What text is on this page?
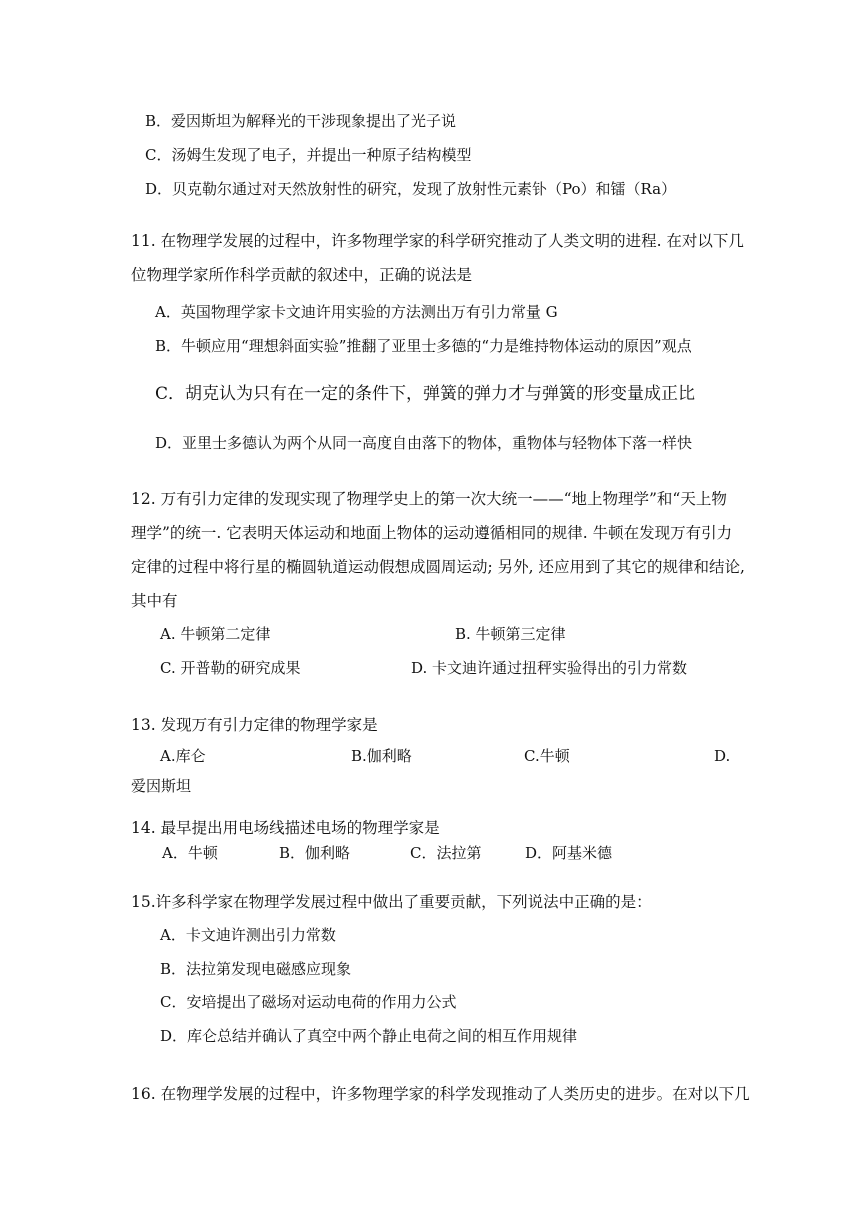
B．爱因斯坦为解释光的干涉现象提出了光子说
C．汤姆生发现了电子，并提出一种原子结构模型
D．贝克勒尔通过对天然放射性的研究，发现了放射性元素钋（Po）和镭（Ra）
11. 在物理学发展的过程中，许多物理学家的科学研究推动了人类文明的进程. 在对以下几
位物理学家所作科学贡献的叙述中，正确的说法是
A．英国物理学家卡文迪许用实验的方法测出万有引力常量 G
B．牛顿应用“理想斜面实验”推翻了亚里士多德的“力是维持物体运动的原因”观点
C．胡克认为只有在一定的条件下，弹簧的弹力才与弹簧的形变量成正比
D．亚里士多德认为两个从同一高度自由落下的物体，重物体与轻物体下落一样快
12. 万有引力定律的发现实现了物理学史上的第一次大统一——“地上物理学”和“天上物
理学”的统一. 它表明天体运动和地面上物体的运动遵循相同的规律. 牛顿在发现万有引力
定律的过程中将行星的椭圆轨道运动假想成圆周运动; 另外, 还应用到了其它的规律和结论,
其中有
A. 牛顿第二定律	B. 牛顿第三定律
C. 开普勒的研究成果	D. 卡文迪许通过扭秤实验得出的引力常数
13. 发现万有引力定律的物理学家是
A.库仑	B.伽利略	C.牛顿	D.
爱因斯坦
14. 最早提出用电场线描述电场的物理学家是
A．牛顿	B．伽利略	C．法拉第	D．阿基米德
15.许多科学家在物理学发展过程中做出了重要贡献，下列说法中正确的是：
A．卡文迪许测出引力常数
B．法拉第发现电磁感应现象
C．安培提出了磁场对运动电荷的作用力公式
D．库仑总结并确认了真空中两个静止电荷之间的相互作用规律
16. 在物理学发展的过程中，许多物理学家的科学发现推动了人类历史的进步。在对以下几
